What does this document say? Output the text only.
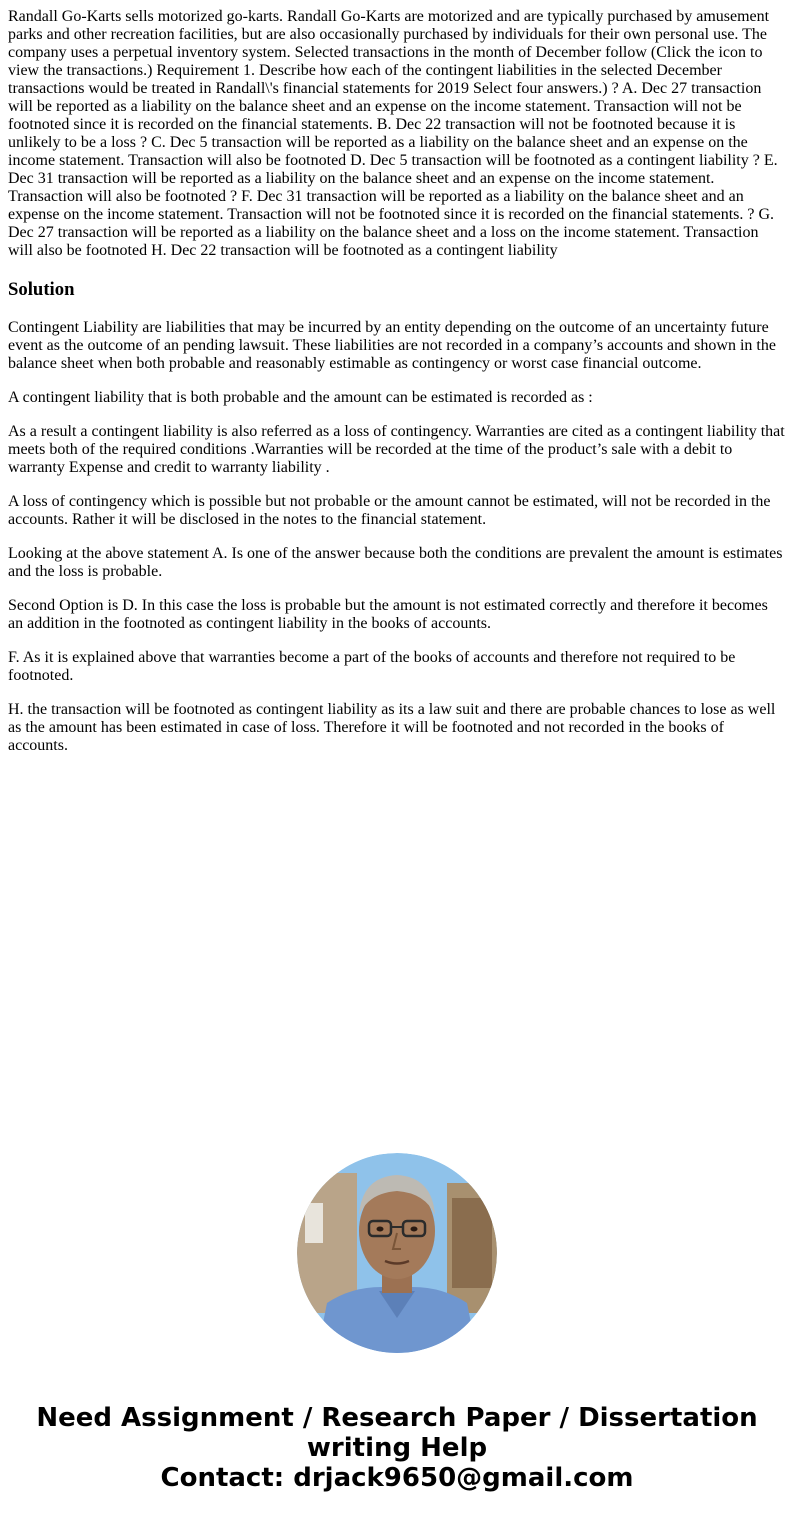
Randall Go-Karts sells motorized go-karts. Randall Go-Karts are motorized and are typically purchased by amusement parks and other recreation facilities, but are also occasionally purchased by individuals for their own personal use. The company uses a perpetual inventory system. Selected transactions in the month of December follow (Click the icon to view the transactions.) Requirement 1. Describe how each of the contingent liabilities in the selected December transactions would be treated in Randall\'s financial statements for 2019 Select four answers.) ? A. Dec 27 transaction will be reported as a liability on the balance sheet and an expense on the income statement. Transaction will not be footnoted since it is recorded on the financial statements. B. Dec 22 transaction will not be footnoted because it is unlikely to be a loss ? C. Dec 5 transaction will be reported as a liability on the balance sheet and an expense on the income statement. Transaction will also be footnoted D. Dec 5 transaction will be footnoted as a contingent liability ? E. Dec 31 transaction will be reported as a liability on the balance sheet and an expense on the income statement. Transaction will also be footnoted ? F. Dec 31 transaction will be reported as a liability on the balance sheet and an expense on the income statement. Transaction will not be footnoted since it is recorded on the financial statements. ? G. Dec 27 transaction will be reported as a liability on the balance sheet and a loss on the income statement. Transaction will also be footnoted H. Dec 22 transaction will be footnoted as a contingent liability

Solution

Contingent Liability are liabilities that may be incurred by an entity depending on the outcome of an uncertainty future event as the outcome of an pending lawsuit. These liabilities are not recorded in a company’s accounts and shown in the balance sheet when both probable and reasonably estimable as contingency or worst case financial outcome.

A contingent liability that is both probable and the amount can be estimated is recorded as :

As a result a contingent liability is also referred as a loss of contingency. Warranties are cited as a contingent liability that meets both of the required conditions .Warranties will be recorded at the time of the product’s sale with a debit to warranty Expense and credit to warranty liability .

A loss of contingency which is possible but not probable or the amount cannot be estimated, will not be recorded in the accounts. Rather it will be disclosed in the notes to the financial statement.

Looking at the above statement A. Is one of the answer because both the conditions are prevalent the amount is estimates and the loss is probable.

Second Option is D. In this case the loss is probable but the amount is not estimated correctly and therefore it becomes an addition in the footnoted as contingent liability in the books of accounts.

F. As it is explained above that warranties become a part of the books of accounts and therefore not required to be footnoted.

H. the transaction will be footnoted as contingent liability as its a law suit and there are probable chances to lose as well as the amount has been estimated in case of loss. Therefore it will be footnoted and not recorded in the books of accounts.

Need Assignment / Research Paper / Dissertation
writing Help
Contact: drjack9650@gmail.com
